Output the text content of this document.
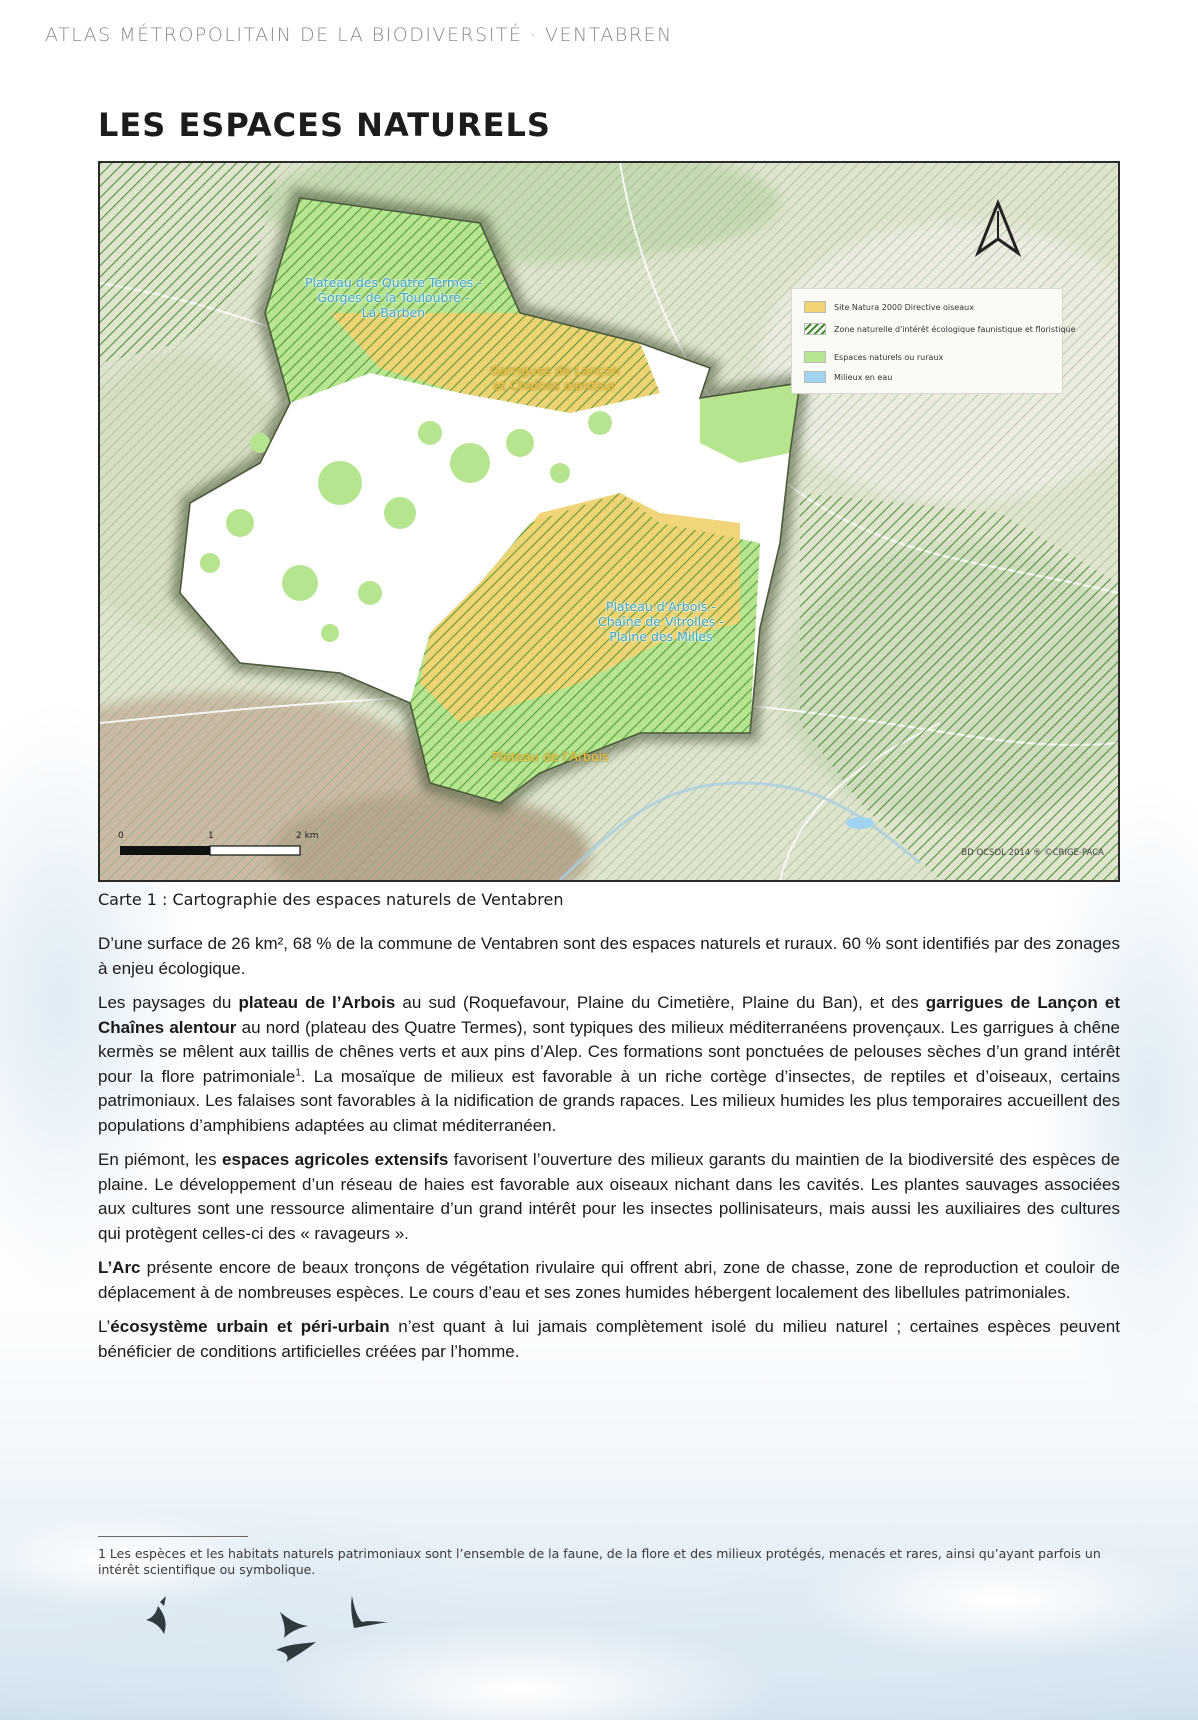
ATLAS MÉTROPOLITAIN DE LA BIODIVERSITÉ · VENTABREN
LES ESPACES NATURELS
Site Natura 2000 Directive oiseaux
Zone naturelle d'intérêt écologique faunistique et floristique
Espaces naturels ou ruraux
Milieux en eau
Plateau des Quatre Termes -
Gorges de la Touloubre -
La Barben
Garrigues de Lançon
et Chaînes alentour
Plateau d'Arbois -
Chaîne de Vitrolles -
Plaine des Milles
Plateau de l'Arbois
0	1	2 km
BD OCSOL 2014 ® ©CRIGE-PACA
Carte 1 : Cartographie des espaces naturels de Ventabren

D’une surface de 26 km², 68 % de la commune de Ventabren sont des espaces naturels et ruraux. 60 % sont identifiés par des zonages à enjeu écologique.

Les paysages du plateau de l’Arbois au sud (Roquefavour, Plaine du Cimetière, Plaine du Ban), et des garrigues de Lançon et Chaînes alentour au nord (plateau des Quatre Termes), sont typiques des milieux méditerranéens provençaux. Les garrigues à chêne kermès se mêlent aux taillis de chênes verts et aux pins d’Alep. Ces formations sont ponctuées de pelouses sèches d’un grand intérêt pour la flore patrimoniale$^1$. La mosaïque de milieux est favorable à un riche cortège d’insectes, de reptiles et d’oiseaux, certains patrimoniaux. Les falaises sont favorables à la nidification de grands rapaces. Les milieux humides les plus temporaires accueillent des populations d’amphibiens adaptées au climat méditerranéen.

En piémont, les espaces agricoles extensifs favorisent l’ouverture des milieux garants du maintien de la biodiversité des espèces de plaine. Le développement d’un réseau de haies est favorable aux oiseaux nichant dans les cavités. Les plantes sauvages associées aux cultures sont une ressource alimentaire d’un grand intérêt pour les insectes pollinisateurs, mais aussi les auxiliaires des cultures qui protègent celles-ci des « ravageurs ».

L’Arc présente encore de beaux tronçons de végétation rivulaire qui offrent abri, zone de chasse, zone de reproduction et couloir de déplacement à de nombreuses espèces. Le cours d’eau et ses zones humides hébergent localement des libellules patrimoniales.

L’écosystème urbain et péri-urbain n’est quant à lui jamais complètement isolé du milieu naturel ; certaines espèces peuvent bénéficier de conditions artificielles créées par l’homme.

1 Les espèces et les habitats naturels patrimoniaux sont l’ensemble de la faune, de la flore et des milieux protégés, menacés et rares, ainsi qu’ayant parfois un intérêt scientifique ou symbolique.
